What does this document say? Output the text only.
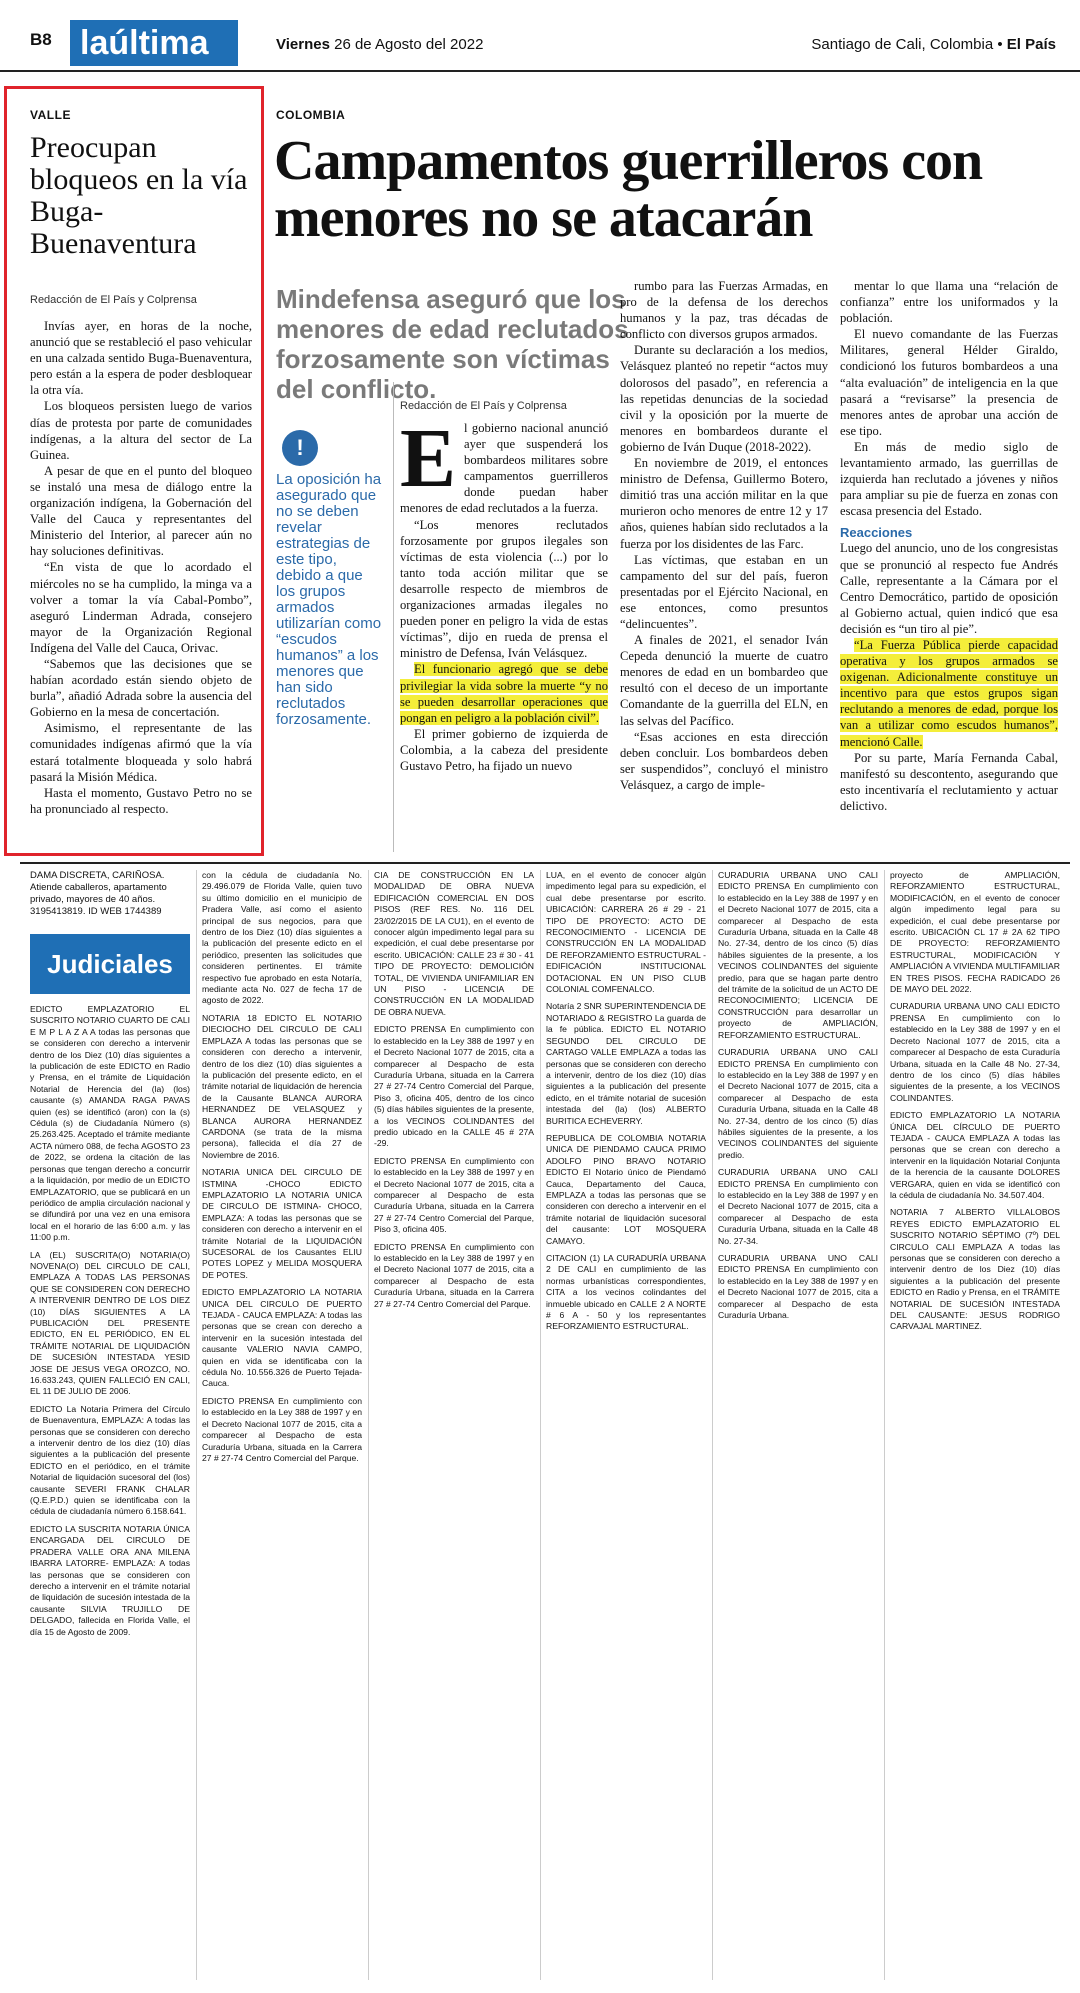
B8 laúltima	Viernes 26 de Agosto del 2022	Santiago de Cali, Colombia • El País
VALLE
Preocupan bloqueos en la vía Buga-Buenaventura
Redacción de El País y Colprensa

Invías ayer, en horas de la noche, anunció que se restableció el paso vehicular en una calzada sentido Buga-Buenaventura, pero están a la espera de poder desbloquear la otra vía.

Los bloqueos persisten luego de varios días de protesta por parte de comunidades indígenas, a la altura del sector de La Guinea.

A pesar de que en el punto del bloqueo se instaló una mesa de diálogo entre la organización indígena, la Gobernación del Valle del Cauca y representantes del Ministerio del Interior, al parecer aún no hay soluciones definitivas.

“En vista de que lo acordado el miércoles no se ha cumplido, la minga va a volver a tomar la vía Cabal-Pombo”, aseguró Linderman Adrada, consejero mayor de la Organización Regional Indígena del Valle del Cauca, Orivac.

“Sabemos que las decisiones que se habían acordado están siendo objeto de burla”, añadió Adrada sobre la ausencia del Gobierno en la mesa de concertación.

Asimismo, el representante de las comunidades indígenas afirmó que la vía estará totalmente bloqueada y solo habrá pasará la Misión Médica.

Hasta el momento, Gustavo Petro no se ha pronunciado al respecto.

COLOMBIA
Campamentos guerrilleros con menores no se atacarán
Mindefensa aseguró que los menores de edad reclutados forzosamente son víctimas del conflicto.
!
La oposición ha asegurado que no se deben revelar estrategias de este tipo, debido a que los grupos armados utilizarían como “escudos humanos” a los menores que han sido reclutados forzosamente.
Redacción de El País y Colprensa
E l gobierno nacional anunció ayer que suspenderá los bombardeos militares sobre campamentos guerrilleros donde puedan haber menores de edad reclutados a la fuerza.

“Los menores reclutados forzosamente por grupos ilegales son víctimas de esta violencia (...) por lo tanto toda acción militar que se desarrolle respecto de miembros de organizaciones armadas ilegales no pueden poner en peligro la vida de estas víctimas”, dijo en rueda de prensa el ministro de Defensa, Iván Velásquez.

El funcionario agregó que se debe privilegiar la vida sobre la muerte “y no se pueden desarrollar operaciones que pongan en peligro a la población civil”.

El primer gobierno de izquierda de Colombia, a la cabeza del presidente Gustavo Petro, ha fijado un nuevo

rumbo para las Fuerzas Armadas, en pro de la defensa de los derechos humanos y la paz, tras décadas de conflicto con diversos grupos armados.

Durante su declaración a los medios, Velásquez planteó no repetir “actos muy dolorosos del pasado”, en referencia a las repetidas denuncias de la sociedad civil y la oposición por la muerte de menores en bombardeos durante el gobierno de Iván Duque (2018-2022).

En noviembre de 2019, el entonces ministro de Defensa, Guillermo Botero, dimitió tras una acción militar en la que murieron ocho menores de entre 12 y 17 años, quienes habían sido reclutados a la fuerza por los disidentes de las Farc.

Las víctimas, que estaban en un campamento del sur del país, fueron presentadas por el Ejército Nacional, en ese entonces, como presuntos “delincuentes”.

A finales de 2021, el senador Iván Cepeda denunció la muerte de cuatro menores de edad en un bombardeo que resultó con el deceso de un importante Comandante de la guerrilla del ELN, en las selvas del Pacífico.

“Esas acciones en esta dirección deben concluir. Los bombardeos deben ser suspendidos”, concluyó el ministro Velásquez, a cargo de imple-

mentar lo que llama una “relación de confianza” entre los uniformados y la población.

El nuevo comandante de las Fuerzas Militares, general Hélder Giraldo, condicionó los futuros bombardeos a una “alta evaluación” de inteligencia en la que pasará a “revisarse” la presencia de menores antes de aprobar una acción de ese tipo.

En más de medio siglo de levantamiento armado, las guerrillas de izquierda han reclutado a jóvenes y niños para ampliar su pie de fuerza en zonas con escasa presencia del Estado.

Reacciones

Luego del anuncio, uno de los congresistas que se pronunció al respecto fue Andrés Calle, representante a la Cámara por el Centro Democrático, partido de oposición al Gobierno actual, quien indicó que esa decisión es “un tiro al pie”.

“La Fuerza Pública pierde capacidad operativa y los grupos armados se oxigenan. Adicionalmente constituye un incentivo para que estos grupos sigan reclutando a menores de edad, porque los van a utilizar como escudos humanos”, mencionó Calle.

Por su parte, María Fernanda Cabal, manifestó su descontento, asegurando que esto incentivaría el reclutamiento y actuar delictivo.

DAMA DISCRETA, CARIÑOSA. Atiende caballeros, apartamento privado, mayores de 40 años. 3195413819. ID WEB 1744389
Judiciales

EDICTO EMPLAZATORIO EL SUSCRITO NOTARIO CUARTO DE CALI E M P L A Z A A todas las personas que se consideren con derecho a intervenir dentro de los Diez (10) días siguientes a la publicación de este EDICTO en Radio y Prensa, en el trámite de Liquidación Notarial de Herencia del (la) (los) causante (s) AMANDA RAGA PAVAS quien (es) se identificó (aron) con la (s) Cédula (s) de Ciudadanía Número (s) 25.263.425. Aceptado el trámite mediante ACTA número 088, de fecha AGOSTO 23 de 2022, se ordena la citación de las personas que tengan derecho a concurrir a la liquidación, por medio de un EDICTO EMPLAZATORIO, que se publicará en un periódico de amplia circulación nacional y se difundirá por una vez en una emisora local en el horario de las 6:00 a.m. y las 11:00 p.m.

LA (EL) SUSCRITA(O) NOTARIA(O) NOVENA(O) DEL CIRCULO DE CALI, EMPLAZA A TODAS LAS PERSONAS QUE SE CONSIDEREN CON DERECHO A INTERVENIR DENTRO DE LOS DIEZ (10) DÍAS SIGUIENTES A LA PUBLICACIÓN DEL PRESENTE EDICTO, EN EL PERIÓDICO, EN EL TRÁMITE NOTARIAL DE LIQUIDACIÓN DE SUCESIÓN INTESTADA YESID JOSE DE JESUS VEGA OROZCO, NO. 16.633.243, QUIEN FALLECIÓ EN CALI, EL 11 DE JULIO DE 2006.

EDICTO La Notaria Primera del Círculo de Buenaventura, EMPLAZA: A todas las personas que se consideren con derecho a intervenir dentro de los diez (10) días siguientes a la publicación del presente EDICTO en el periódico, en el trámite Notarial de liquidación sucesoral del (los) causante SEVERI FRANK CHALAR (Q.E.P.D.) quien se identificaba con la cédula de ciudadanía número 6.158.641.

EDICTO LA SUSCRITA NOTARIA ÚNICA ENCARGADA DEL CIRCULO DE PRADERA VALLE ORA ANA MILENA IBARRA LATORRE- EMPLAZA: A todas las personas que se consideren con derecho a intervenir en el trámite notarial de liquidación de sucesión intestada de la causante SILVIA TRUJILLO DE DELGADO, fallecida en Florida Valle, el día 15 de Agosto de 2009.

con la cédula de ciudadanía No. 29.496.079 de Florida Valle, quien tuvo su último domicilio en el municipio de Pradera Valle, así como el asiento principal de sus negocios, para que dentro de los Diez (10) días siguientes a la publicación del presente edicto en el periódico, presenten las solicitudes que consideren pertinentes. El trámite respectivo fue aprobado en esta Notaría, mediante acta No. 027 de fecha 17 de agosto de 2022.

NOTARIA 18 EDICTO EL NOTARIO DIECIOCHO DEL CIRCULO DE CALI EMPLAZA A todas las personas que se consideren con derecho a intervenir, dentro de los diez (10) días siguientes a la publicación del presente edicto, en el trámite notarial de liquidación de herencia de la Causante BLANCA AURORA HERNANDEZ DE VELASQUEZ y BLANCA AURORA HERNANDEZ CARDONA (se trata de la misma persona), fallecida el día 27 de Noviembre de 2016.

NOTARIA UNICA DEL CIRCULO DE ISTMINA -CHOCO EDICTO EMPLAZATORIO LA NOTARIA UNICA DE CIRCULO DE ISTMINA- CHOCO, EMPLAZA: A todas las personas que se consideren con derecho a intervenir en el trámite Notarial de la LIQUIDACIÓN SUCESORAL de los Causantes ELIU POTES LOPEZ y MELIDA MOSQUERA DE POTES.

EDICTO EMPLAZATORIO LA NOTARIA UNICA DEL CIRCULO DE PUERTO TEJADA - CAUCA EMPLAZA: A todas las personas que se crean con derecho a intervenir en la sucesión intestada del causante VALERIO NAVIA CAMPO, quien en vida se identificaba con la cédula No. 10.556.326 de Puerto Tejada-Cauca.

EDICTO PRENSA En cumplimiento con lo establecido en la Ley 388 de 1997 y en el Decreto Nacional 1077 de 2015, cita a comparecer al Despacho de esta Curaduría Urbana, situada en la Carrera 27 # 27-74 Centro Comercial del Parque.

CIA DE CONSTRUCCIÓN EN LA MODALIDAD DE OBRA NUEVA EDIFICACIÓN COMERCIAL EN DOS PISOS (REF RES. No. 116 DEL 23/02/2015 DE LA CU1), en el evento de conocer algún impedimento legal para su expedición, el cual debe presentarse por escrito. UBICACIÓN: CALLE 23 # 30 - 41 TIPO DE PROYECTO: DEMOLICIÓN TOTAL, DE VIVIENDA UNIFAMILIAR EN UN PISO - LICENCIA DE CONSTRUCCIÓN EN LA MODALIDAD DE OBRA NUEVA.

EDICTO PRENSA En cumplimiento con lo establecido en la Ley 388 de 1997 y en el Decreto Nacional 1077 de 2015, cita a comparecer al Despacho de esta Curaduría Urbana, situada en la Carrera 27 # 27-74 Centro Comercial del Parque, Piso 3, oficina 405, dentro de los cinco (5) días hábiles siguientes de la presente, a los VECINOS COLINDANTES del predio ubicado en la CALLE 45 # 27A -29.

EDICTO PRENSA En cumplimiento con lo establecido en la Ley 388 de 1997 y en el Decreto Nacional 1077 de 2015, cita a comparecer al Despacho de esta Curaduría Urbana, situada en la Carrera 27 # 27-74 Centro Comercial del Parque, Piso 3, oficina 405.

EDICTO PRENSA En cumplimiento con lo establecido en la Ley 388 de 1997 y en el Decreto Nacional 1077 de 2015, cita a comparecer al Despacho de esta Curaduría Urbana, situada en la Carrera 27 # 27-74 Centro Comercial del Parque.

LUA, en el evento de conocer algún impedimento legal para su expedición, el cual debe presentarse por escrito. UBICACIÓN: CARRERA 26 # 29 - 21 TIPO DE PROYECTO: ACTO DE RECONOCIMIENTO - LICENCIA DE CONSTRUCCIÓN EN LA MODALIDAD DE REFORZAMIENTO ESTRUCTURAL - EDIFICACIÓN INSTITUCIONAL DOTACIONAL EN UN PISO CLUB COLONIAL COMFENALCO.

Notaría 2 SNR SUPERINTENDENCIA DE NOTARIADO & REGISTRO La guarda de la fe pública. EDICTO EL NOTARIO SEGUNDO DEL CIRCULO DE CARTAGO VALLE EMPLAZA a todas las personas que se consideren con derecho a intervenir, dentro de los diez (10) días siguientes a la publicación del presente edicto, en el trámite notarial de sucesión intestada del (la) (los) ALBERTO BURITICA ECHEVERRY.

REPUBLICA DE COLOMBIA NOTARIA UNICA DE PIENDAMO CAUCA PRIMO ADOLFO PINO BRAVO NOTARIO EDICTO El Notario único de Piendamó Cauca, Departamento del Cauca, EMPLAZA a todas las personas que se consideren con derecho a intervenir en el trámite notarial de liquidación sucesoral del causante: LOT MOSQUERA CAMAYO.

CITACION (1) LA CURADURÍA URBANA 2 DE CALI en cumplimiento de las normas urbanísticas correspondientes, CITA a los vecinos colindantes del inmueble ubicado en CALLE 2 A NORTE # 6 A - 50 y los representantes REFORZAMIENTO ESTRUCTURAL.

CURADURIA URBANA UNO CALI EDICTO PRENSA En cumplimiento con lo establecido en la Ley 388 de 1997 y en el Decreto Nacional 1077 de 2015, cita a comparecer al Despacho de esta Curaduría Urbana, situada en la Calle 48 No. 27-34, dentro de los cinco (5) días hábiles siguientes de la presente, a los VECINOS COLINDANTES del siguiente predio, para que se hagan parte dentro del trámite de la solicitud de un ACTO DE RECONOCIMIENTO; LICENCIA DE CONSTRUCCIÓN para desarrollar un proyecto de AMPLIACIÓN, REFORZAMIENTO ESTRUCTURAL.

CURADURIA URBANA UNO CALI EDICTO PRENSA En cumplimiento con lo establecido en la Ley 388 de 1997 y en el Decreto Nacional 1077 de 2015, cita a comparecer al Despacho de esta Curaduría Urbana, situada en la Calle 48 No. 27-34, dentro de los cinco (5) días hábiles siguientes de la presente, a los VECINOS COLINDANTES del siguiente predio.

CURADURIA URBANA UNO CALI EDICTO PRENSA En cumplimiento con lo establecido en la Ley 388 de 1997 y en el Decreto Nacional 1077 de 2015, cita a comparecer al Despacho de esta Curaduría Urbana, situada en la Calle 48 No. 27-34.

CURADURIA URBANA UNO CALI EDICTO PRENSA En cumplimiento con lo establecido en la Ley 388 de 1997 y en el Decreto Nacional 1077 de 2015, cita a comparecer al Despacho de esta Curaduría Urbana.

proyecto de AMPLIACIÓN, REFORZAMIENTO ESTRUCTURAL, MODIFICACIÓN, en el evento de conocer algún impedimento legal para su expedición, el cual debe presentarse por escrito. UBICACIÓN CL 17 # 2A 62 TIPO DE PROYECTO: REFORZAMIENTO ESTRUCTURAL, MODIFICACIÓN Y AMPLIACIÓN A VIVIENDA MULTIFAMILIAR EN TRES PISOS. FECHA RADICADO 26 DE MAYO DEL 2022.

CURADURIA URBANA UNO CALI EDICTO PRENSA En cumplimiento con lo establecido en la Ley 388 de 1997 y en el Decreto Nacional 1077 de 2015, cita a comparecer al Despacho de esta Curaduría Urbana, situada en la Calle 48 No. 27-34, dentro de los cinco (5) días hábiles siguientes de la presente, a los VECINOS COLINDANTES.

EDICTO EMPLAZATORIO LA NOTARIA ÚNICA DEL CÍRCULO DE PUERTO TEJADA - CAUCA EMPLAZA A todas las personas que se crean con derecho a intervenir en la liquidación Notarial Conjunta de la herencia de la causante DOLORES VERGARA, quien en vida se identificó con la cédula de ciudadanía No. 34.507.404.

NOTARIA 7 ALBERTO VILLALOBOS REYES EDICTO EMPLAZATORIO EL SUSCRITO NOTARIO SÉPTIMO (7º) DEL CIRCULO CALI EMPLAZA A todas las personas que se consideren con derecho a intervenir dentro de los Diez (10) días siguientes a la publicación del presente EDICTO en Radio y Prensa, en el TRÁMITE NOTARIAL DE SUCESIÓN INTESTADA DEL CAUSANTE: JESUS RODRIGO CARVAJAL MARTINEZ.
